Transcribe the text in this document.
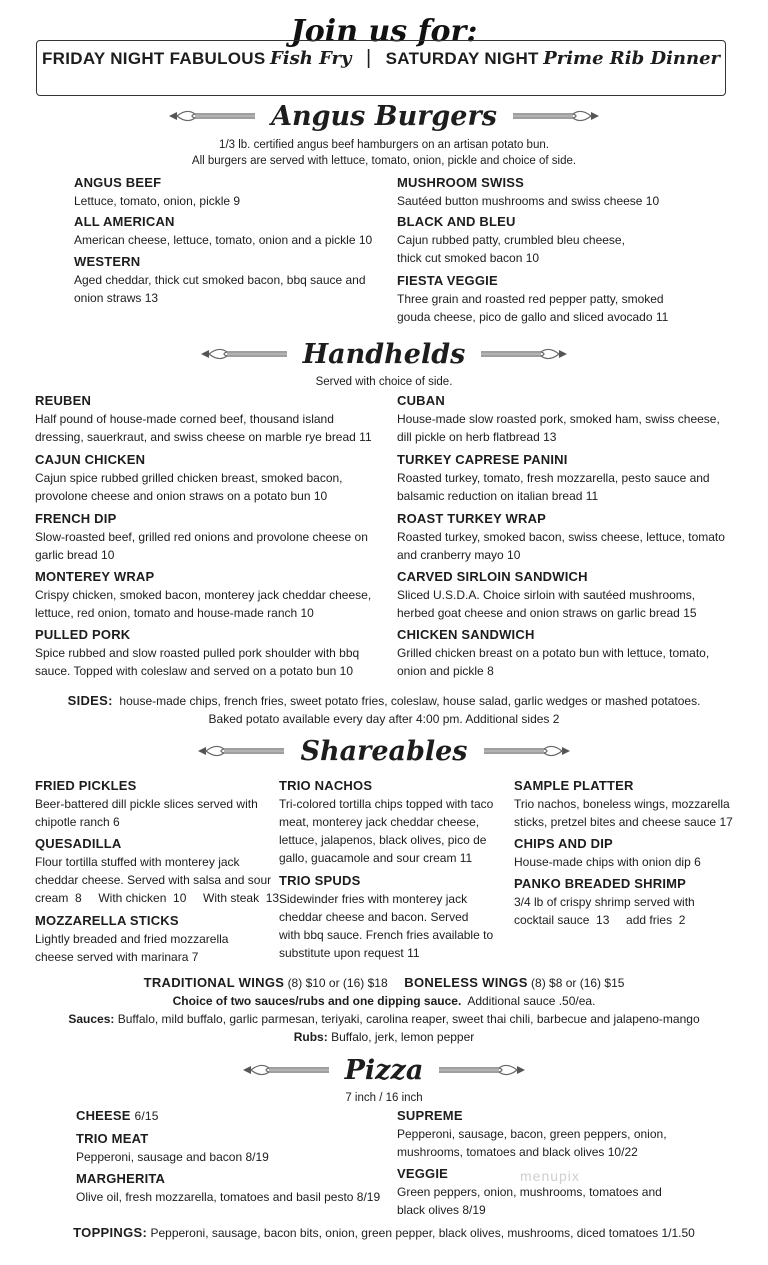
Join us for:
FRIDAY NIGHT FABULOUS Fish Fry | SATURDAY NIGHT Prime Rib Dinner
Angus Burgers
1/3 lb. certified angus beef hamburgers on an artisan potato bun.
All burgers are served with lettuce, tomato, onion, pickle and choice of side.
ANGUS BEEF
Lettuce, tomato, onion, pickle 9
ALL AMERICAN
American cheese, lettuce, tomato, onion and a pickle 10
WESTERN
Aged cheddar, thick cut smoked bacon, bbq sauce and
onion straws 13
MUSHROOM SWISS
Sautéed button mushrooms and swiss cheese 10
BLACK AND BLEU
Cajun rubbed patty, crumbled bleu cheese,
thick cut smoked bacon 10
FIESTA VEGGIE
Three grain and roasted red pepper patty, smoked
gouda cheese, pico de gallo and sliced avocado 11
Handhelds
Served with choice of side.
REUBEN
Half pound of house-made corned beef, thousand island
dressing, sauerkraut, and swiss cheese on marble rye bread 11
CAJUN CHICKEN
Cajun spice rubbed grilled chicken breast, smoked bacon,
provolone cheese and onion straws on a potato bun 10
FRENCH DIP
Slow-roasted beef, grilled red onions and provolone cheese on
garlic bread 10
MONTEREY WRAP
Crispy chicken, smoked bacon, monterey jack cheddar cheese,
lettuce, red onion, tomato and house-made ranch 10
PULLED PORK
Spice rubbed and slow roasted pulled pork shoulder with bbq
sauce. Topped with coleslaw and served on a potato bun 10
CUBAN
House-made slow roasted pork, smoked ham, swiss cheese,
dill pickle on herb flatbread 13
TURKEY CAPRESE PANINI
Roasted turkey, tomato, fresh mozzarella, pesto sauce and
balsamic reduction on italian bread 11
ROAST TURKEY WRAP
Roasted turkey, smoked bacon, swiss cheese, lettuce, tomato
and cranberry mayo 10
CARVED SIRLOIN SANDWICH
Sliced U.S.D.A. Choice sirloin with sautéed mushrooms,
herbed goat cheese and onion straws on garlic bread 15
CHICKEN SANDWICH
Grilled chicken breast on a potato bun with lettuce, tomato,
onion and pickle 8
SIDES: house-made chips, french fries, sweet potato fries, coleslaw, house salad, garlic wedges or mashed potatoes.
Baked potato available every day after 4:00 pm. Additional sides 2
Shareables
FRIED PICKLES
Beer-battered dill pickle slices served with
chipotle ranch 6
QUESADILLA
Flour tortilla stuffed with monterey jack
cheddar cheese. Served with salsa and sour
cream  8     With chicken  10     With steak  13
MOZZARELLA STICKS
Lightly breaded and fried mozzarella
cheese served with marinara 7
TRIO NACHOS
Tri-colored tortilla chips topped with taco
meat, monterey jack cheddar cheese,
lettuce, jalapenos, black olives, pico de
gallo, guacamole and sour cream 11
TRIO SPUDS
Sidewinder fries with monterey jack
cheddar cheese and bacon. Served
with bbq sauce. French fries available to
substitute upon request 11
SAMPLE PLATTER
Trio nachos, boneless wings, mozzarella
sticks, pretzel bites and cheese sauce 17
CHIPS AND DIP
House-made chips with onion dip 6
PANKO BREADED SHRIMP
3/4 lb of crispy shrimp served with
cocktail sauce  13     add fries  2
TRADITIONAL WINGS (8) $10 or (16) $18 BONELESS WINGS (8) $8 or (16) $15
Choice of two sauces/rubs and one dipping sauce. Additional sauce .50/ea.
Sauces: Buffalo, mild buffalo, garlic parmesan, teriyaki, carolina reaper, sweet thai chili, barbecue and jalapeno-mango
Rubs: Buffalo, jerk, lemon pepper
Pizza
7 inch / 16 inch
CHEESE 6/15
TRIO MEAT
Pepperoni, sausage and bacon 8/19
MARGHERITA
Olive oil, fresh mozzarella, tomatoes and basil pesto 8/19
SUPREME
Pepperoni, sausage, bacon, green peppers, onion,
mushrooms, tomatoes and black olives 10/22
VEGGIE
Green peppers, onion, mushrooms, tomatoes and
black olives 8/19
TOPPINGS: Pepperoni, sausage, bacon bits, onion, green pepper, black olives, mushrooms, diced tomatoes 1/1.50
menupix
